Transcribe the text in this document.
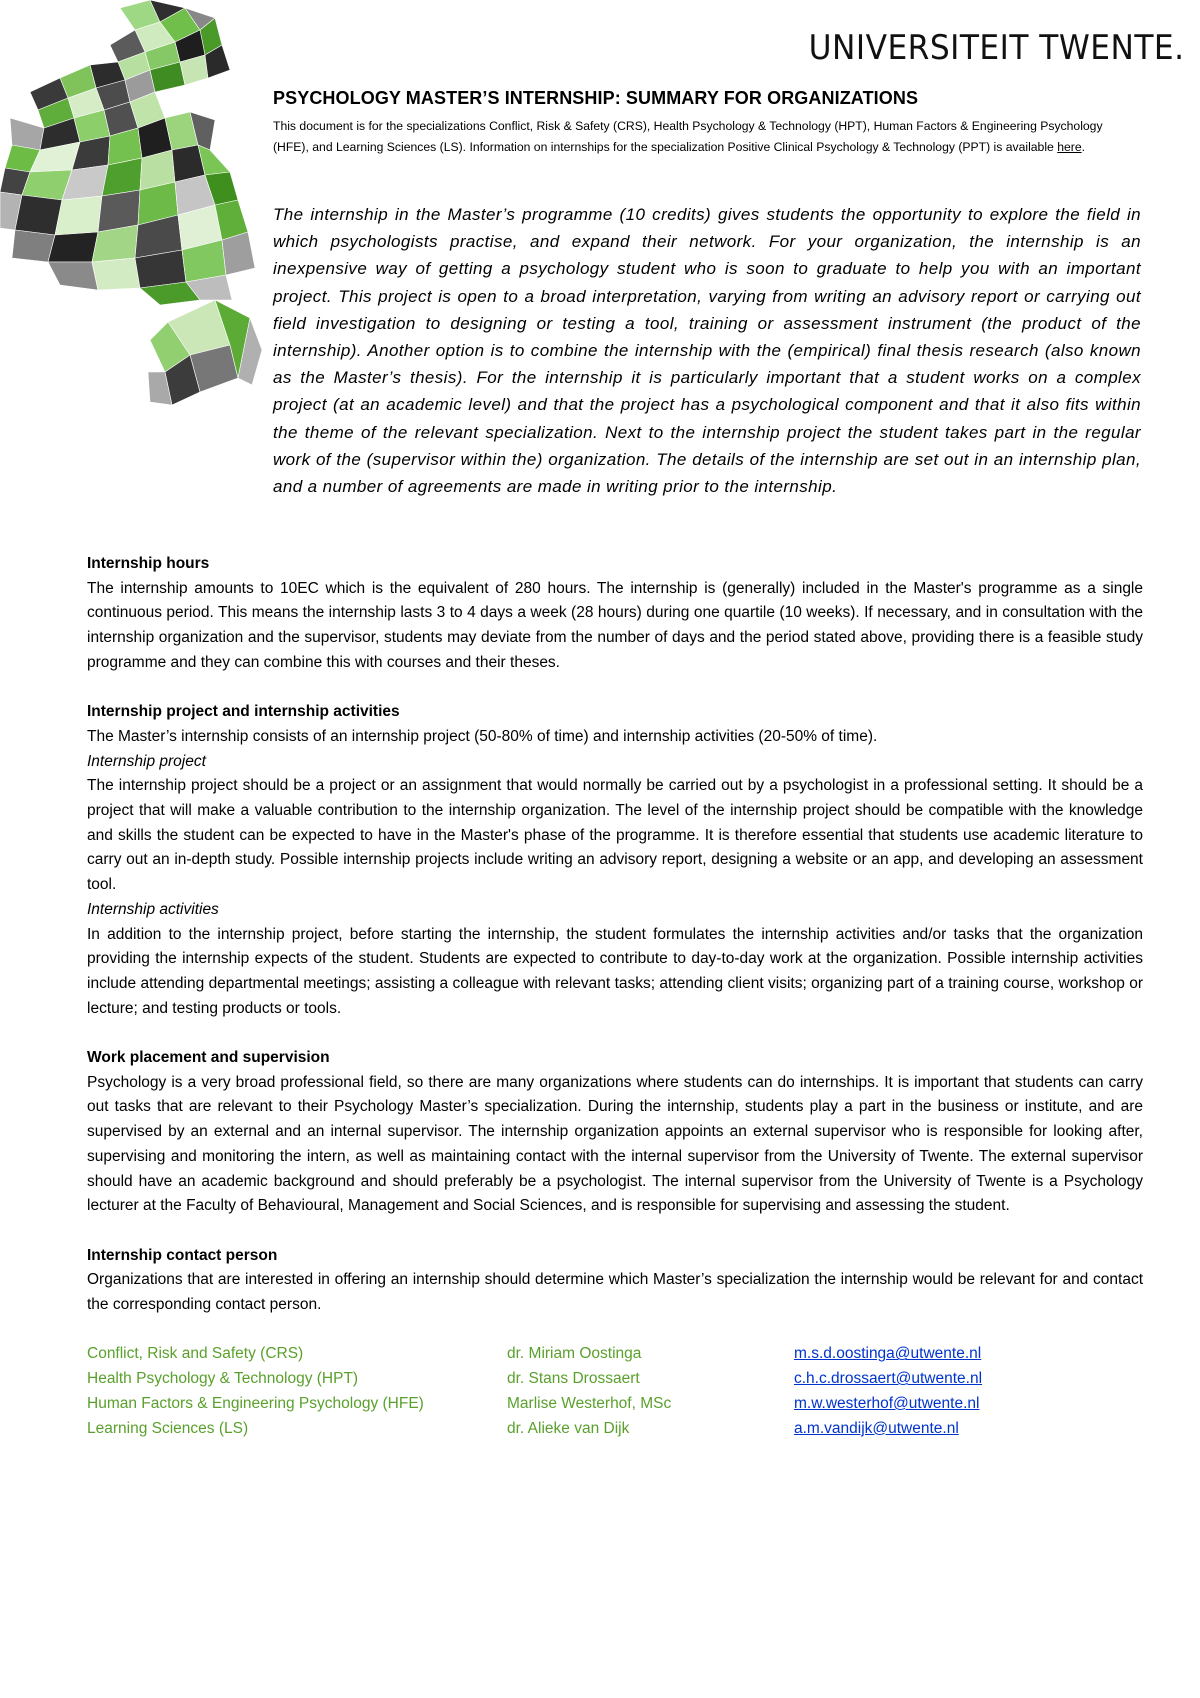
UNIVERSITEIT TWENTE.
PSYCHOLOGY MASTER’S INTERNSHIP: SUMMARY FOR ORGANIZATIONS

This document is for the specializations Conflict, Risk & Safety (CRS), Health Psychology & Technology (HPT), Human Factors & Engineering Psychology (HFE), and Learning Sciences (LS). Information on internships for the specialization Positive Clinical Psychology & Technology (PPT) is available here.

The internship in the Master’s programme (10 credits) gives students the opportunity to explore the field in which psychologists practise, and expand their network. For your organization, the internship is an inexpensive way of getting a psychology student who is soon to graduate to help you with an important project. This project is open to a broad interpretation, varying from writing an advisory report or carrying out field investigation to designing or testing a tool, training or assessment instrument (the product of the internship). Another option is to combine the internship with the (empirical) final thesis research (also known as the Master’s thesis). For the internship it is particularly important that a student works on a complex project (at an academic level) and that the project has a psychological component and that it also fits within the theme of the relevant specialization. Next to the internship project the student takes part in the regular work of the (supervisor within the) organization. The details of the internship are set out in an internship plan, and a number of agreements are made in writing prior to the internship.

Internship hours

The internship amounts to 10EC which is the equivalent of 280 hours. The internship is (generally) included in the Master's programme as a single continuous period. This means the internship lasts 3 to 4 days a week (28 hours) during one quartile (10 weeks). If necessary, and in consultation with the internship organization and the supervisor, students may deviate from the number of days and the period stated above, providing there is a feasible study programme and they can combine this with courses and their theses.

Internship project and internship activities

The Master’s internship consists of an internship project (50-80% of time) and internship activities (20-50% of time).

Internship project

The internship project should be a project or an assignment that would normally be carried out by a psychologist in a professional setting. It should be a project that will make a valuable contribution to the internship organization. The level of the internship project should be compatible with the knowledge and skills the student can be expected to have in the Master's phase of the programme. It is therefore essential that students use academic literature to carry out an in-depth study. Possible internship projects include writing an advisory report, designing a website or an app, and developing an assessment tool.

Internship activities

In addition to the internship project, before starting the internship, the student formulates the internship activities and/or tasks that the organization providing the internship expects of the student. Students are expected to contribute to day-to-day work at the organization. Possible internship activities include attending departmental meetings; assisting a colleague with relevant tasks; attending client visits; organizing part of a training course, workshop or lecture; and testing products or tools.

Work placement and supervision

Psychology is a very broad professional field, so there are many organizations where students can do internships. It is important that students can carry out tasks that are relevant to their Psychology Master’s specialization. During the internship, students play a part in the business or institute, and are supervised by an external and an internal supervisor. The internship organization appoints an external supervisor who is responsible for looking after, supervising and monitoring the intern, as well as maintaining contact with the internal supervisor from the University of Twente. The external supervisor should have an academic background and should preferably be a psychologist. The internal supervisor from the University of Twente is a Psychology lecturer at the Faculty of Behavioural, Management and Social Sciences, and is responsible for supervising and assessing the student.

Internship contact person

Organizations that are interested in offering an internship should determine which Master’s specialization the internship would be relevant for and contact the corresponding contact person.

Conflict, Risk and Safety (CRS)	dr. Miriam Oostinga	m.s.d.oostinga@utwente.nl
Health Psychology & Technology (HPT)	dr. Stans Drossaert	c.h.c.drossaert@utwente.nl
Human Factors & Engineering Psychology (HFE)	Marlise Westerhof, MSc	m.w.westerhof@utwente.nl
Learning Sciences (LS)	dr. Alieke van Dijk	a.m.vandijk@utwente.nl
